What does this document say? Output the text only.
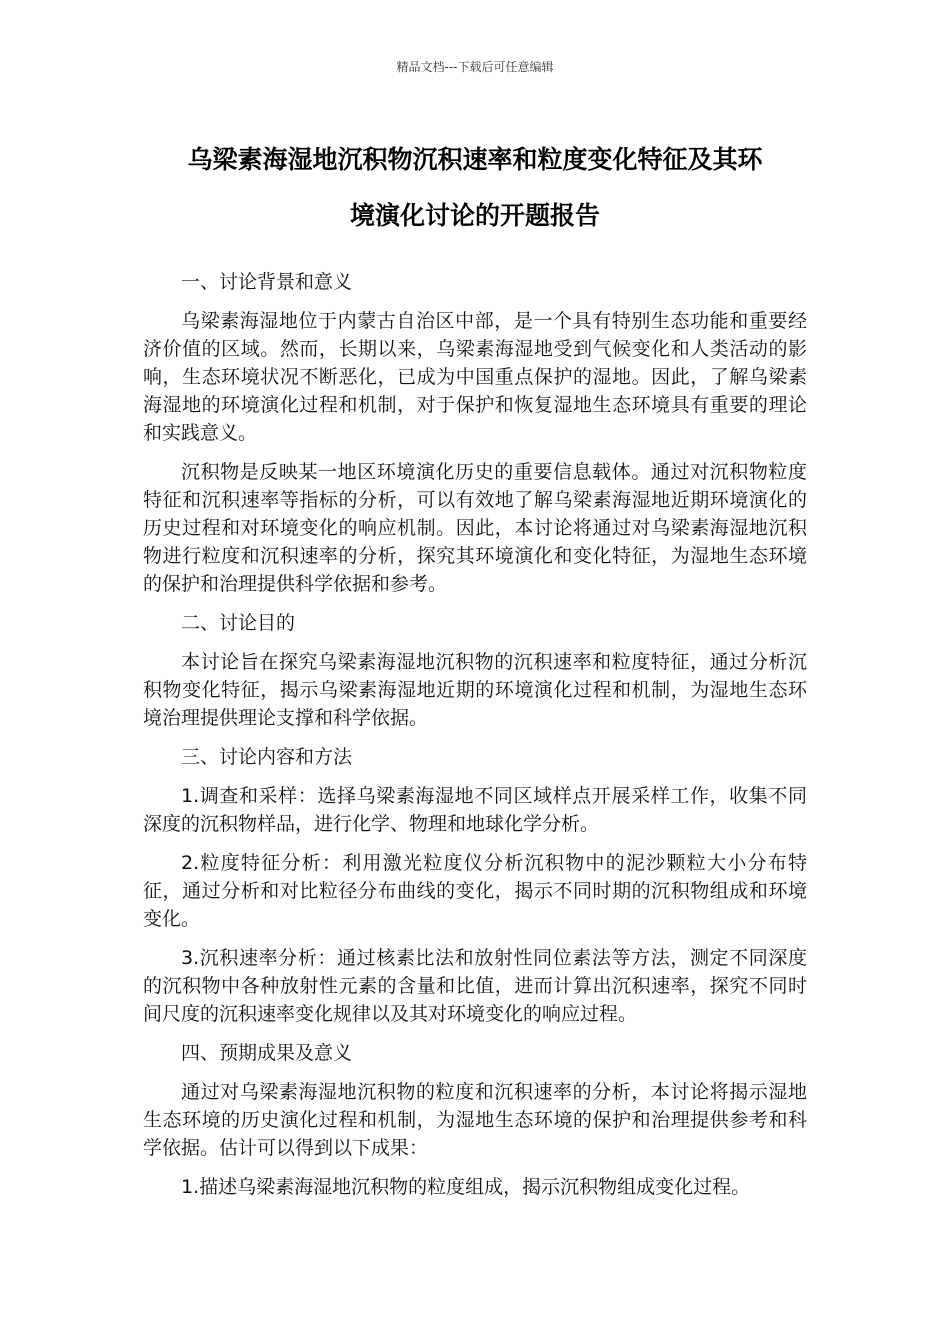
精品文档---下载后可任意编辑
乌梁素海湿地沉积物沉积速率和粒度变化特征及其环
境演化讨论的开题报告

一、讨论背景和意义

乌梁素海湿地位于内蒙古自治区中部，是一个具有特别生态功能和重要经济价值的区域。然而，长期以来，乌梁素海湿地受到气候变化和人类活动的影响，生态环境状况不断恶化，已成为中国重点保护的湿地。因此，了解乌梁素海湿地的环境演化过程和机制，对于保护和恢复湿地生态环境具有重要的理论和实践意义。

沉积物是反映某一地区环境演化历史的重要信息载体。通过对沉积物粒度特征和沉积速率等指标的分析，可以有效地了解乌梁素海湿地近期环境演化的历史过程和对环境变化的响应机制。因此，本讨论将通过对乌梁素海湿地沉积物进行粒度和沉积速率的分析，探究其环境演化和变化特征，为湿地生态环境的保护和治理提供科学依据和参考。

二、讨论目的

本讨论旨在探究乌梁素海湿地沉积物的沉积速率和粒度特征，通过分析沉积物变化特征，揭示乌梁素海湿地近期的环境演化过程和机制，为湿地生态环境治理提供理论支撑和科学依据。

三、讨论内容和方法

1.调查和采样：选择乌梁素海湿地不同区域样点开展采样工作，收集不同深度的沉积物样品，进行化学、物理和地球化学分析。

2.粒度特征分析：利用激光粒度仪分析沉积物中的泥沙颗粒大小分布特征，通过分析和对比粒径分布曲线的变化，揭示不同时期的沉积物组成和环境变化。

3.沉积速率分析：通过核素比法和放射性同位素法等方法，测定不同深度的沉积物中各种放射性元素的含量和比值，进而计算出沉积速率，探究不同时间尺度的沉积速率变化规律以及其对环境变化的响应过程。

四、预期成果及意义

通过对乌梁素海湿地沉积物的粒度和沉积速率的分析，本讨论将揭示湿地生态环境的历史演化过程和机制，为湿地生态环境的保护和治理提供参考和科学依据。估计可以得到以下成果：

1.描述乌梁素海湿地沉积物的粒度组成，揭示沉积物组成变化过程。
